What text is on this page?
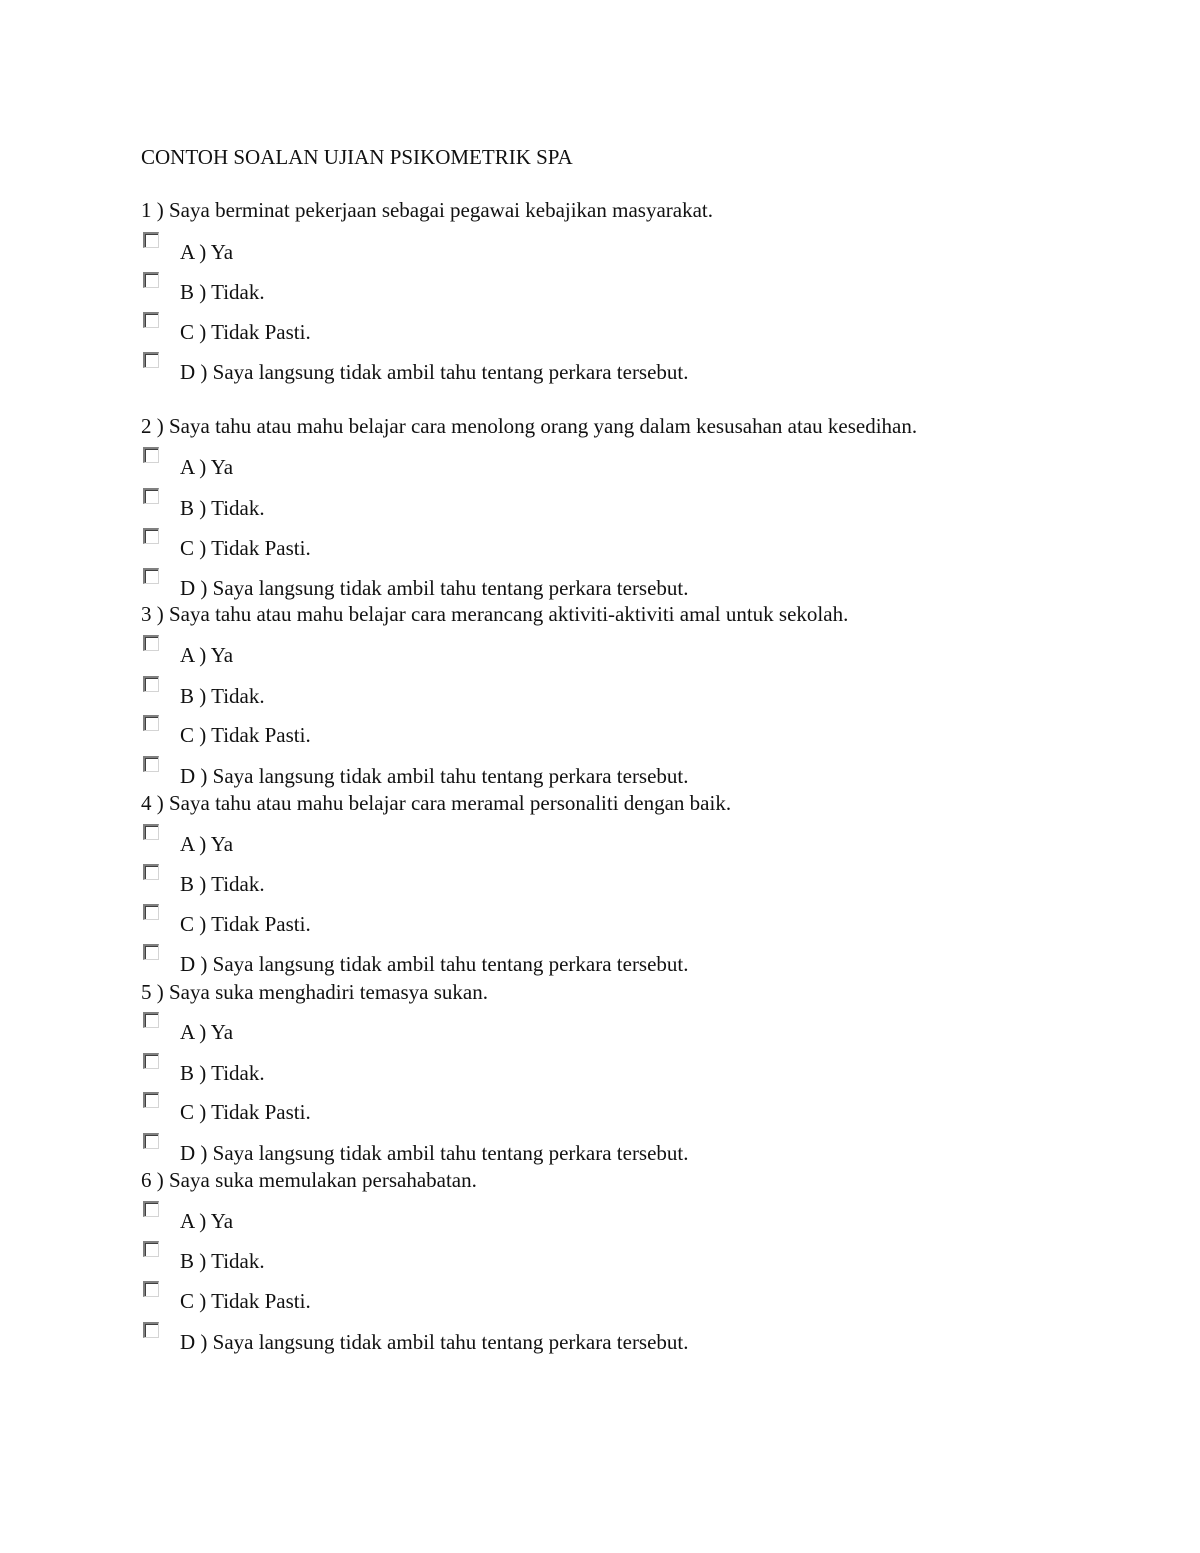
CONTOH SOALAN UJIAN PSIKOMETRIK SPA
1 ) Saya berminat pekerjaan sebagai pegawai kebajikan masyarakat.
A ) Ya
B ) Tidak.
C ) Tidak Pasti.
D ) Saya langsung tidak ambil tahu tentang perkara tersebut.
2 ) Saya tahu atau mahu belajar cara menolong orang yang dalam kesusahan atau kesedihan.
A ) Ya
B ) Tidak.
C ) Tidak Pasti.
D ) Saya langsung tidak ambil tahu tentang perkara tersebut.
3 ) Saya tahu atau mahu belajar cara merancang aktiviti-aktiviti amal untuk sekolah.
A ) Ya
B ) Tidak.
C ) Tidak Pasti.
D ) Saya langsung tidak ambil tahu tentang perkara tersebut.
4 ) Saya tahu atau mahu belajar cara meramal personaliti dengan baik.
A ) Ya
B ) Tidak.
C ) Tidak Pasti.
D ) Saya langsung tidak ambil tahu tentang perkara tersebut.
5 ) Saya suka menghadiri temasya sukan.
A ) Ya
B ) Tidak.
C ) Tidak Pasti.
D ) Saya langsung tidak ambil tahu tentang perkara tersebut.
6 ) Saya suka memulakan persahabatan.
A ) Ya
B ) Tidak.
C ) Tidak Pasti.
D ) Saya langsung tidak ambil tahu tentang perkara tersebut.
